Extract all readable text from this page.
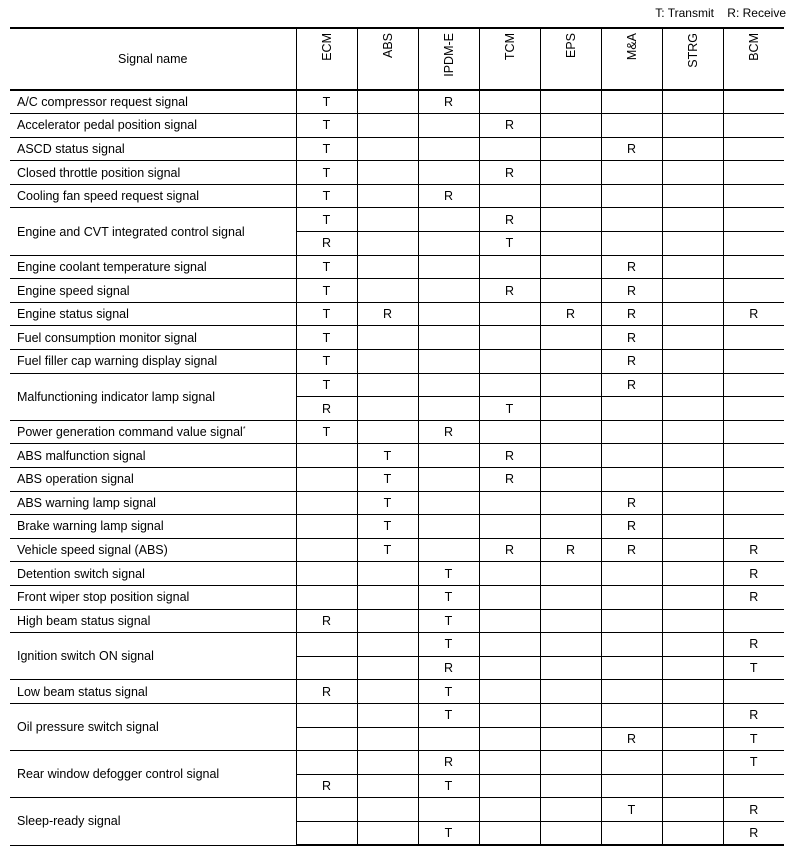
T: Transmit    R: Receive
Signal name	ECM	ABS	IPDM-E	TCM	EPS	M&A	STRG	BCM
A/C compressor request signal	T		R					
Accelerator pedal position signal	T			R				
ASCD status signal	T					R		
Closed throttle position signal	T			R				
Cooling fan speed request signal	T		R					
Engine and CVT integrated control signal	T			R				
	R			T				
Engine coolant temperature signal	T					R		
Engine speed signal	T			R		R		
Engine status signal	T	R			R	R		R
Fuel consumption monitor signal	T					R		
Fuel filler cap warning display signal	T					R		
Malfunctioning indicator lamp signal	T					R		
	R			T				
Power generation command value signal*	T		R					
ABS malfunction signal		T		R				
ABS operation signal		T		R				
ABS warning lamp signal		T				R		
Brake warning lamp signal		T				R		
Vehicle speed signal (ABS)		T		R	R	R		R
Detention switch signal			T					R
Front wiper stop position signal			T					R
High beam status signal	R		T					
Ignition switch ON signal			T					R
			R					T
Low beam status signal	R		T					
Oil pressure switch signal			T					R
						R		T
Rear window defogger control signal			R					T
	R		T					
Sleep-ready signal						T		R
			T					R
